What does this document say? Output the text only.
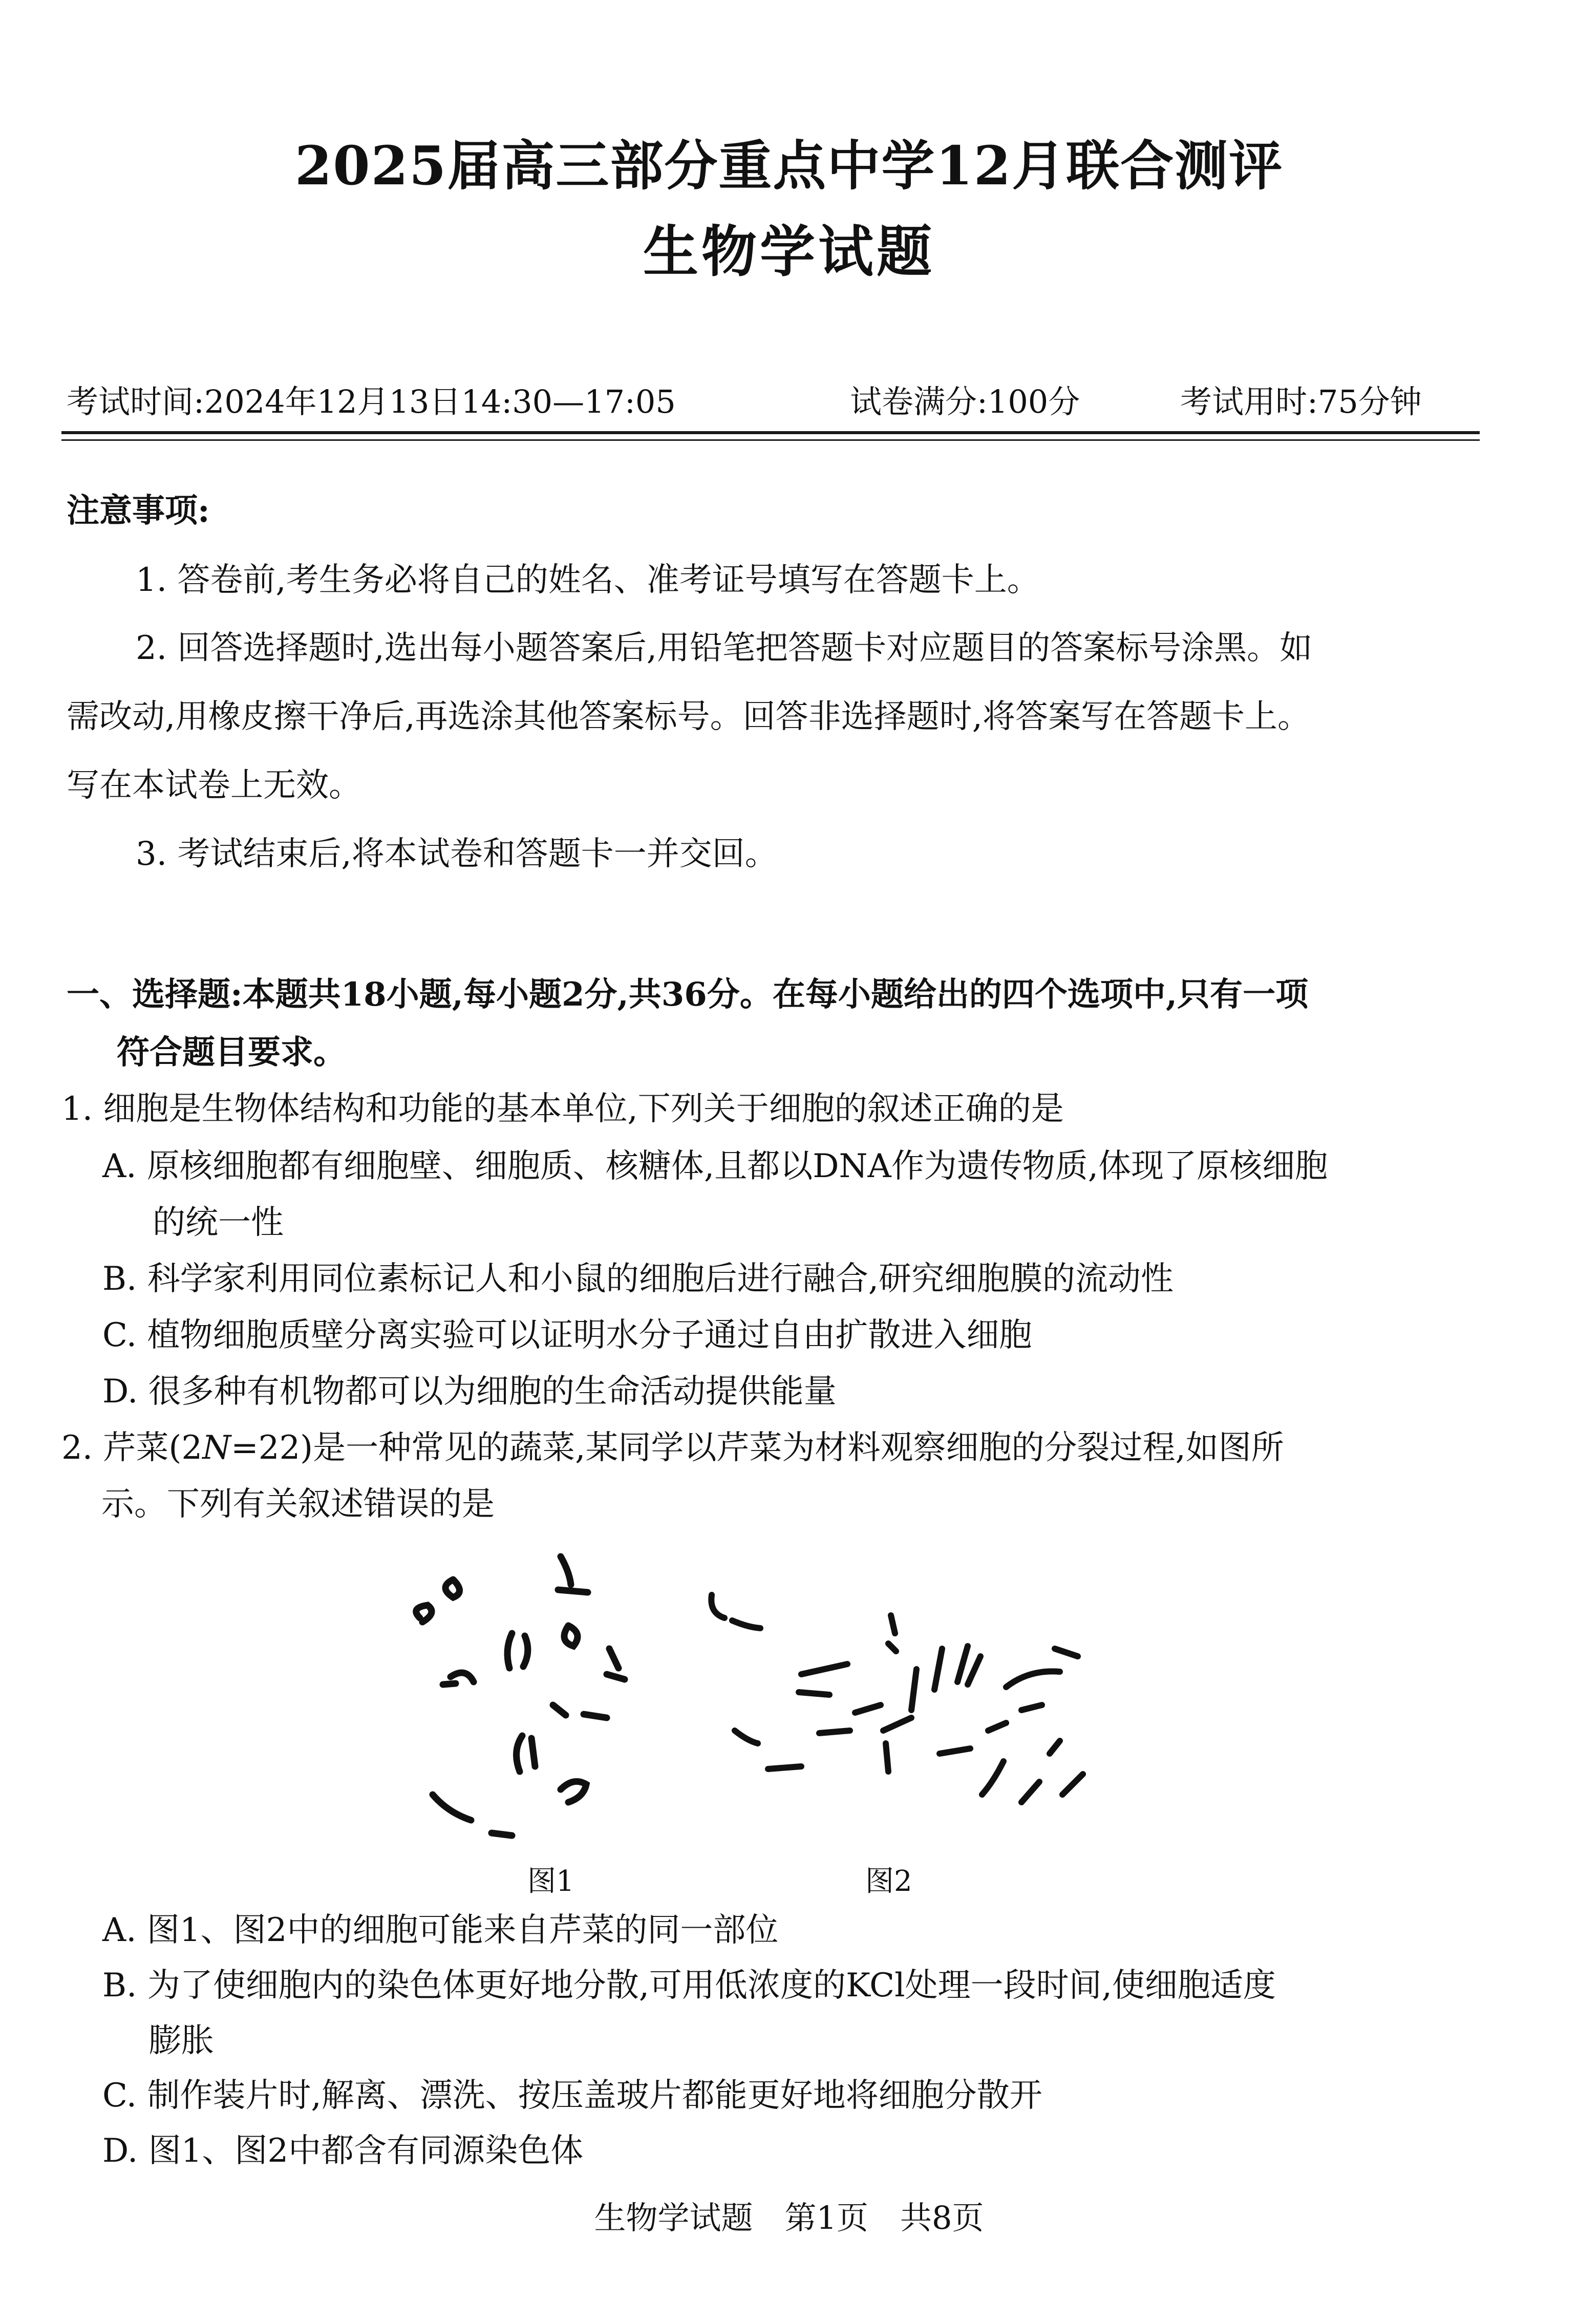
2025届高三部分重点中学12月联合测评
生物学试题
考试时间:2024年12月13日14:30—17:05	试卷满分:100分	考试用时:75分钟
注意事项:
1. 答卷前,考生务必将自己的姓名、准考证号填写在答题卡上。
2. 回答选择题时,选出每小题答案后,用铅笔把答题卡对应题目的答案标号涂黑。如
需改动,用橡皮擦干净后,再选涂其他答案标号。回答非选择题时,将答案写在答题卡上。
写在本试卷上无效。
3. 考试结束后,将本试卷和答题卡一并交回。
一、选择题:本题共18小题,每小题2分,共36分。在每小题给出的四个选项中,只有一项
符合题目要求。
1. 细胞是生物体结构和功能的基本单位,下列关于细胞的叙述正确的是
A. 原核细胞都有细胞壁、细胞质、核糖体,且都以DNA作为遗传物质,体现了原核细胞
的统一性
B. 科学家利用同位素标记人和小鼠的细胞后进行融合,研究细胞膜的流动性
C. 植物细胞质壁分离实验可以证明水分子通过自由扩散进入细胞
D. 很多种有机物都可以为细胞的生命活动提供能量
2. 芹菜(2N=22)是一种常见的蔬菜,某同学以芹菜为材料观察细胞的分裂过程,如图所
示。下列有关叙述错误的是
图1	图2
A. 图1、图2中的细胞可能来自芹菜的同一部位
B. 为了使细胞内的染色体更好地分散,可用低浓度的KCl处理一段时间,使细胞适度
膨胀
C. 制作装片时,解离、漂洗、按压盖玻片都能更好地将细胞分散开
D. 图1、图2中都含有同源染色体
生物学试题　第1页　共8页
